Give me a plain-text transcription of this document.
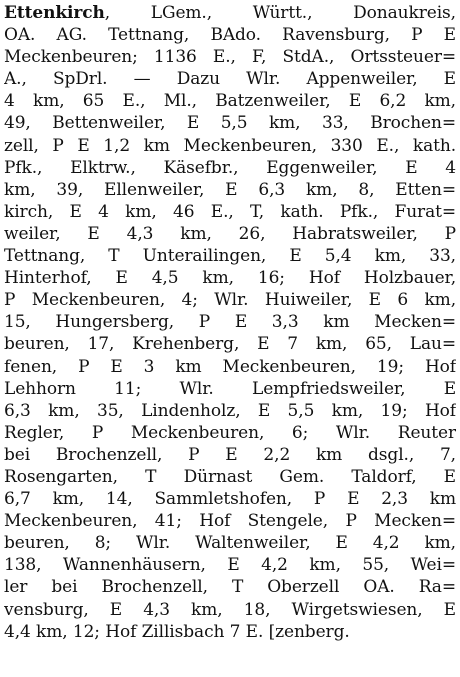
Ettenkirch, LGem., Württ., Donaukreis,
OA. AG. Tettnang, BAdo. Ravensburg, P E
Meckenbeuren; 1136 E., F, StdA., Ortssteuer=
A., SpDrl. — Dazu Wlr. Appenweiler, E
4 km, 65 E., Ml., Batzenweiler, E 6,2 km,
49, Bettenweiler, E 5,5 km, 33, Brochen=
zell, P E 1,2 km Meckenbeuren, 330 E., kath.
Pfk., Elktrw., Käsefbr., Eggenweiler, E 4
km, 39, Ellenweiler, E 6,3 km, 8, Etten=
kirch, E 4 km, 46 E., T, kath. Pfk., Furat=
weiler, E 4,3 km, 26, Habratsweiler, P
Tettnang, T Unterailingen, E 5,4 km, 33,
Hinterhof, E 4,5 km, 16; Hof Holzbauer,
P Meckenbeuren, 4; Wlr. Huiweiler, E 6 km,
15, Hungersberg, P E 3,3 km Mecken=
beuren, 17, Krehenberg, E 7 km, 65, Lau=
fenen, P E 3 km Meckenbeuren, 19; Hof
Lehhorn 11; Wlr. Lempfriedsweiler, E
6,3 km, 35, Lindenholz, E 5,5 km, 19; Hof
Regler, P Meckenbeuren, 6; Wlr. Reuter
bei Brochenzell, P E 2,2 km dsgl., 7,
Rosengarten, T Dürnast Gem. Taldorf, E
6,7 km, 14, Sammletshofen, P E 2,3 km
Meckenbeuren, 41; Hof Stengele, P Mecken=
beuren, 8; Wlr. Waltenweiler, E 4,2 km,
138, Wannenhäusern, E 4,2 km, 55, Wei=
ler bei Brochenzell, T Oberzell OA. Ra=
vensburg, E 4,3 km, 18, Wirgetswiesen, E
4,4 km, 12; Hof Zillisbach 7 E. [zenberg.
